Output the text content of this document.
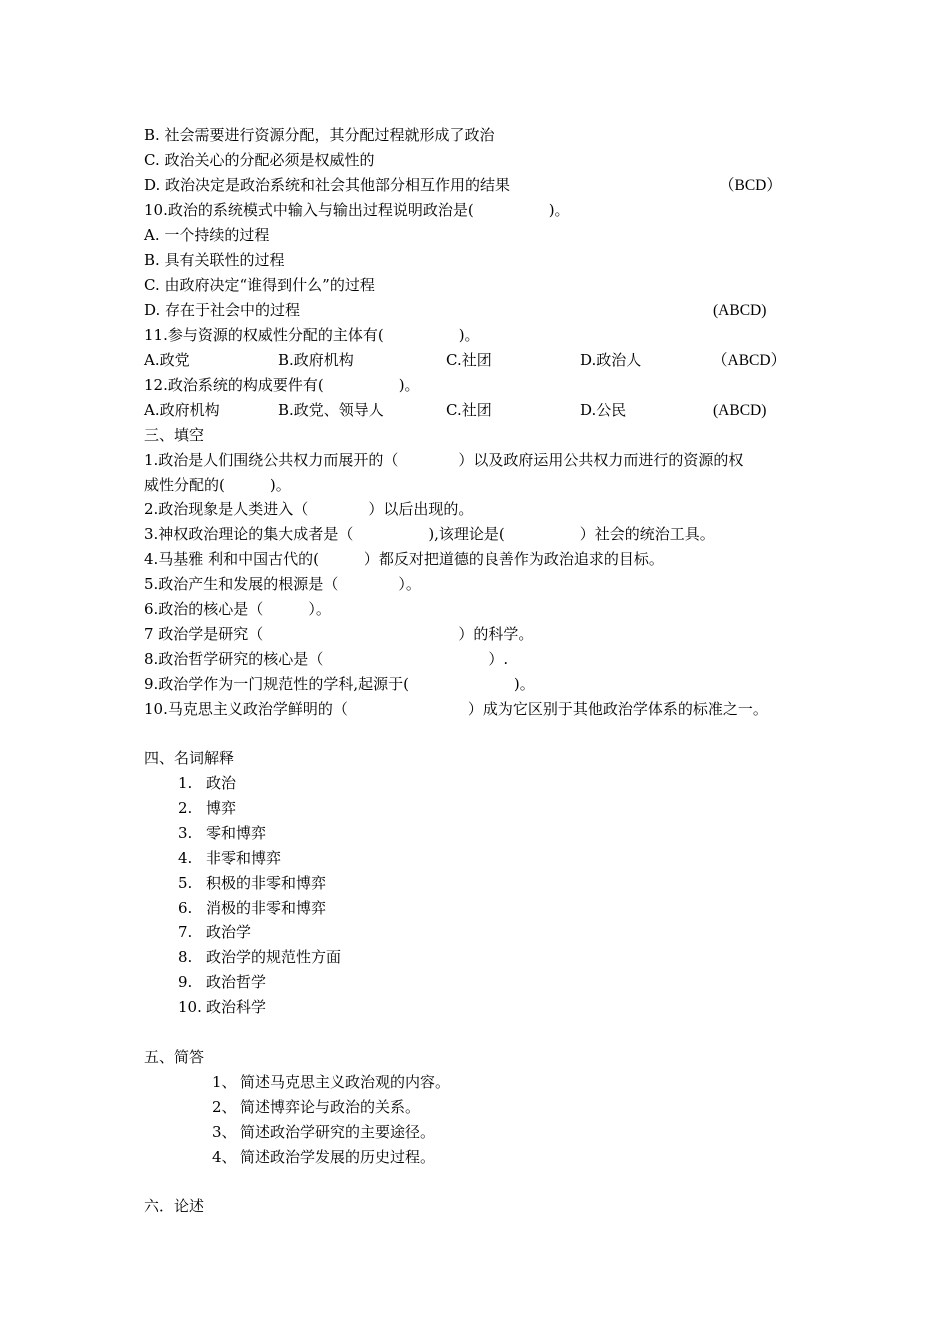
B. 社会需要进行资源分配，其分配过程就形成了政治
C. 政治关心的分配必须是权威性的
D. 政治决定是政治系统和社会其他部分相互作用的结果	（BCD）
10.政治的系统模式中输入与输出过程说明政治是(　　　　　)。
A. 一个持续的过程
B. 具有关联性的过程
C. 由政府决定“谁得到什么”的过程
D. 存在于社会中的过程	(ABCD)
11.参与资源的权威性分配的主体有(　　　　　)。
A.政党	B.政府机构	C.社团	D.政治人	（ABCD）
12.政治系统的构成要件有(　　　　　)。
A.政府机构	B.政党、领导人	C.社团	D.公民	(ABCD)
三、填空
1.政治是人们围绕公共权力而展开的（　　　　）以及政府运用公共权力而进行的资源的权
威性分配的(　　　)。
2.政治现象是人类进入（　　　　）以后出现的。
3.神权政治理论的集大成者是（　　　　　),该理论是(　　　　　）社会的统治工具。
4.马基雅 利和中国古代的(　　　）都反对把道德的良善作为政治追求的目标。
5.政治产生和发展的根源是（　　　　）。
6.政治的核心是（　　　）。
7 政治学是研究（　　　　　　　　　　　　　）的科学。
8.政治哲学研究的核心是（　　　　　　　　　　　）.
9.政治学作为一门规范性的学科,起源于(　　　　　　　)。
10.马克思主义政治学鲜明的（　　　　　　　　）成为它区别于其他政治学体系的标准之一。
四、名词解释
1. 政治
2. 博弈
3. 零和博弈
4. 非零和博弈
5. 积极的非零和博弈
6. 消极的非零和博弈
7. 政治学
8. 政治学的规范性方面
9. 政治哲学
10. 政治科学
五、简答
1、 简述马克思主义政治观的内容。
2、 简述博弈论与政治的关系。
3、 简述政治学研究的主要途径。
4、 简述政治学发展的历史过程。
六．论述
